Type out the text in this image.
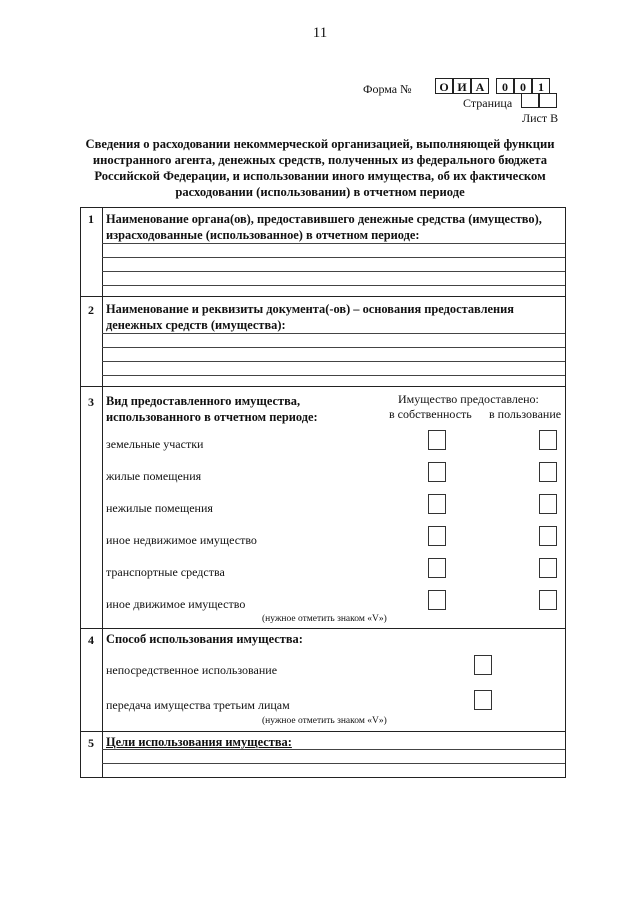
11
Форма №	О И А	0	0	1
Страница
Лист В
Сведения о расходовании некоммерческой организацией, выполняющей функции иностранного агента, денежных средств, полученных из федерального бюджета Российской Федерации, и использовании иного имущества, об их фактическом расходовании (использовании) в отчетном периоде
1 Наименование органа(ов), предоставившего денежные средства (имущество),
израсходованные (использованное) в отчетном периоде:
2 Наименование и реквизиты документа(-ов) – основания предоставления
денежных средств (имущества):
3 Вид предоставленного имущества,
использованного в отчетном периоде:
Имущество предоставлено:
в собственность в пользование
земельные участки
жилые помещения
нежилые помещения
иное недвижимое имущество
транспортные средства
иное движимое имущество
(нужное отметить знаком «V»)
4 Способ использования имущества:
непосредственное использование
передача имущества третьим лицам
(нужное отметить знаком «V»)
5 Цели использования имущества:
